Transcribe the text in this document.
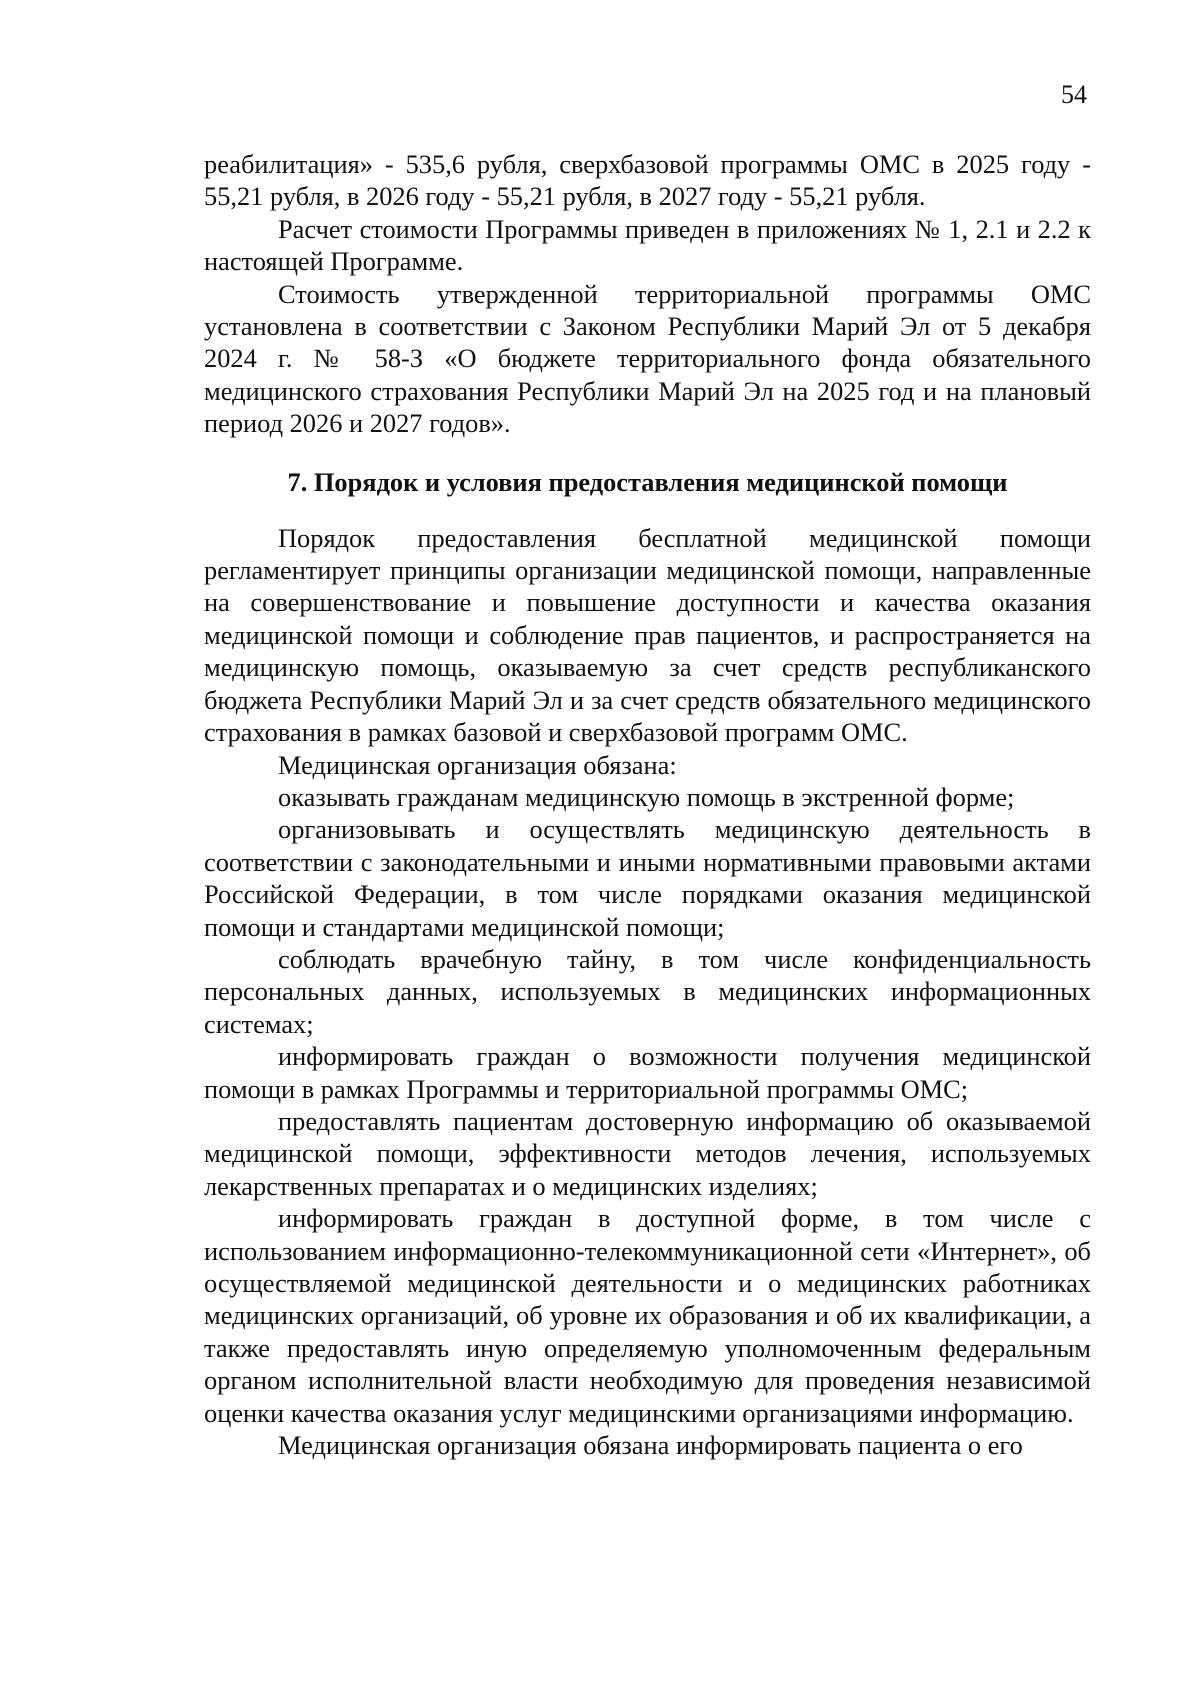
54

реабилитация» - 535,6 рубля, сверхбазовой программы ОМС в 2025 году - 55,21 рубля, в 2026 году - 55,21 рубля, в 2027 году - 55,21 рубля.

Расчет стоимости Программы приведен в приложениях № 1, 2.1 и 2.2 к настоящей Программе.

Стоимость утвержденной территориальной программы ОМС установлена в соответствии с Законом Республики Марий Эл от 5 декабря 2024 г. № 58-З «О бюджете территориального фонда обязательного медицинского страхования Республики Марий Эл на 2025 год и на плановый период 2026 и 2027 годов».

7. Порядок и условия предоставления медицинской помощи

Порядок предоставления бесплатной медицинской помощи регламентирует принципы организации медицинской помощи, направленные на совершенствование и повышение доступности и качества оказания медицинской помощи и соблюдение прав пациентов, и распространяется на медицинскую помощь, оказываемую за счет средств республиканского бюджета Республики Марий Эл и за счет средств обязательного медицинского страхования в рамках базовой и сверхбазовой программ ОМС.

Медицинская организация обязана:

оказывать гражданам медицинскую помощь в экстренной форме;

организовывать и осуществлять медицинскую деятельность в соответствии с законодательными и иными нормативными правовыми актами Российской Федерации, в том числе порядками оказания медицинской помощи и стандартами медицинской помощи;

соблюдать врачебную тайну, в том числе конфиденциальность персональных данных, используемых в медицинских информационных системах;

информировать граждан о возможности получения медицинской помощи в рамках Программы и территориальной программы ОМС;

предоставлять пациентам достоверную информацию об оказываемой медицинской помощи, эффективности методов лечения, используемых лекарственных препаратах и о медицинских изделиях;

информировать граждан в доступной форме, в том числе с использованием информационно-телекоммуникационной сети «Интернет», об осуществляемой медицинской деятельности и о медицинских работниках медицинских организаций, об уровне их образования и об их квалификации, а также предоставлять иную определяемую уполномоченным федеральным органом исполнительной власти необходимую для проведения независимой оценки качества оказания услуг медицинскими организациями информацию.

Медицинская организация обязана информировать пациента о его
